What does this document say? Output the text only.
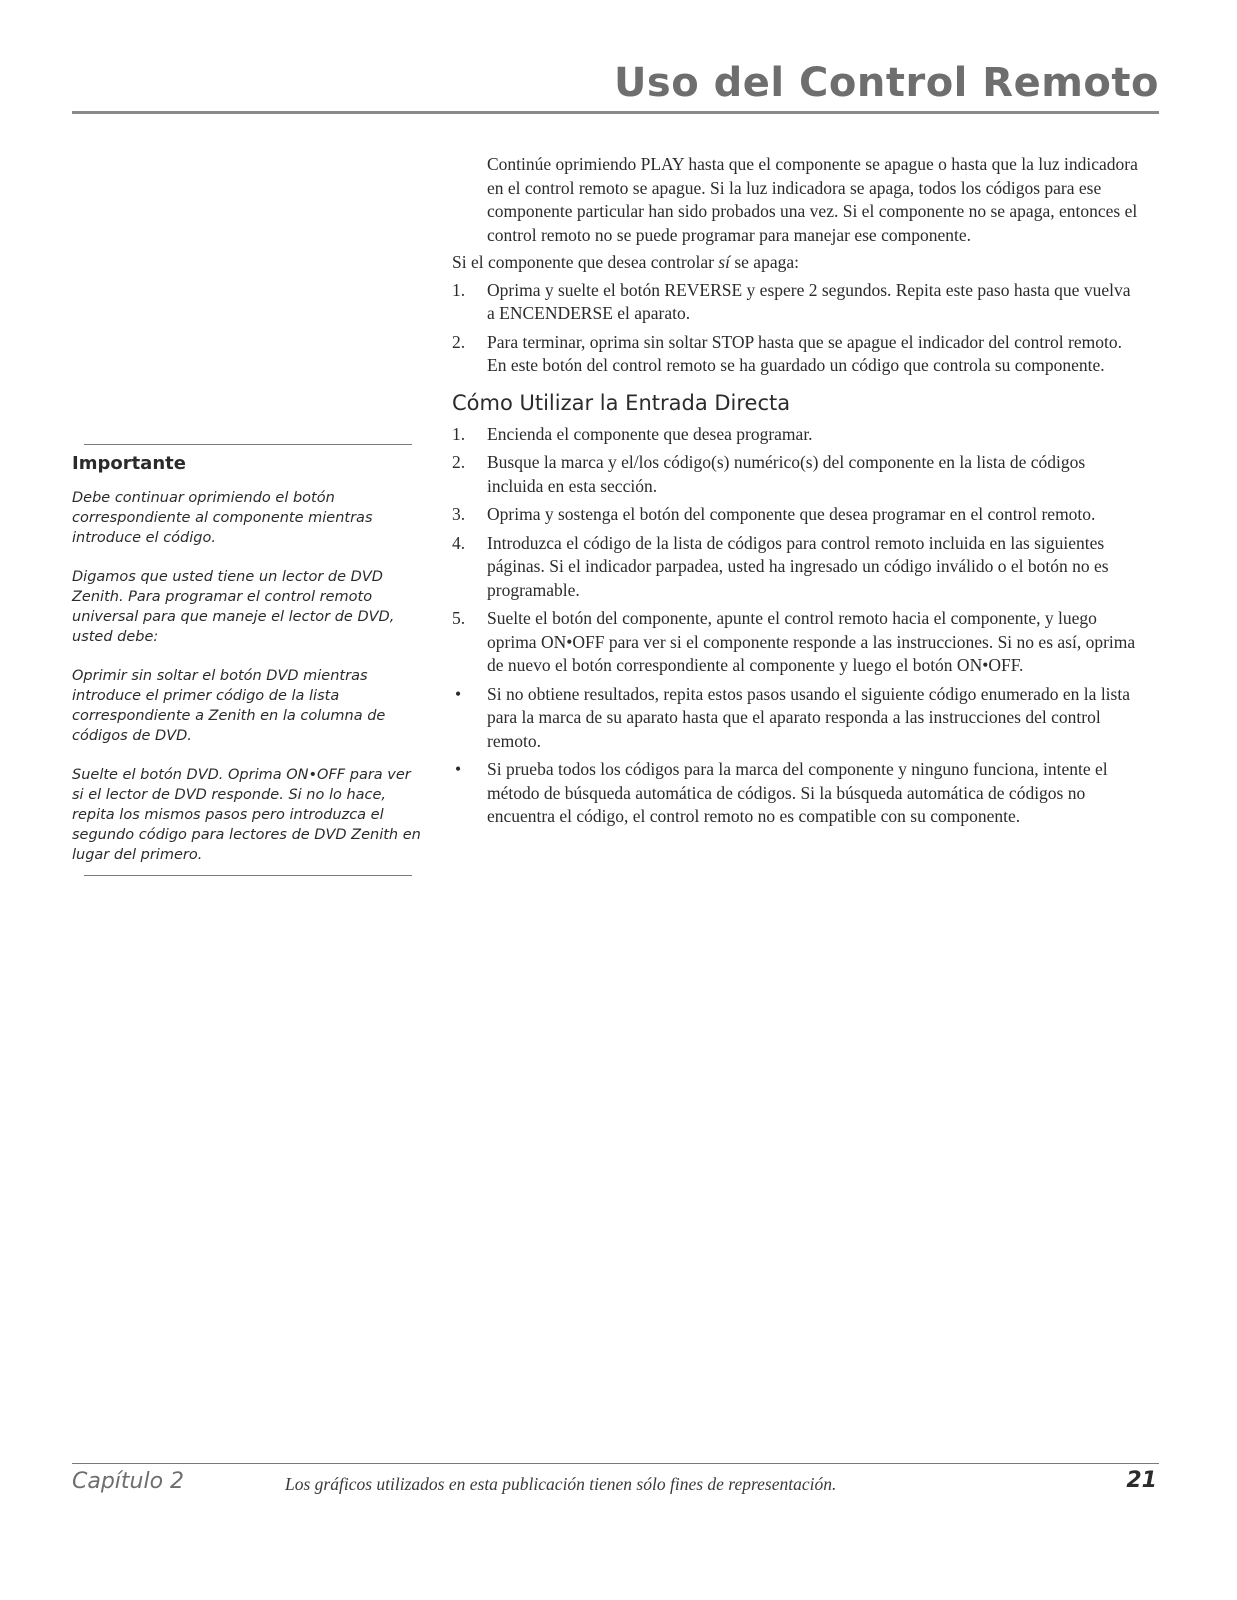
Uso del Control Remoto
Importante

Debe continuar oprimiendo el botón correspondiente al componente mientras introduce el código.

Digamos que usted tiene un lector de DVD Zenith. Para programar el control remoto universal para que maneje el lector de DVD, usted debe:

Oprimir sin soltar el botón DVD mientras introduce el primer código de la lista correspondiente a Zenith en la columna de códigos de DVD.

Suelte el botón DVD. Oprima ON•OFF para ver si el lector de DVD responde. Si no lo hace, repita los mismos pasos pero introduzca el segundo código para lectores de DVD Zenith en lugar del primero.

Continúe oprimiendo PLAY hasta que el componente se apague o hasta que la luz indicadora en el control remoto se apague. Si la luz indicadora se apaga, todos los códigos para ese componente particular han sido probados una vez. Si el componente no se apaga, entonces el control remoto no se puede programar para manejar ese componente.

Si el componente que desea controlar sí se apaga:

1. Oprima y suelte el botón REVERSE y espere 2 segundos. Repita este paso hasta que vuelva a ENCENDERSE el aparato.
2. Para terminar, oprima sin soltar STOP hasta que se apague el indicador del control remoto. En este botón del control remoto se ha guardado un código que controla su componente.
Cómo Utilizar la Entrada Directa
1. Encienda el componente que desea programar.
2. Busque la marca y el/los código(s) numérico(s) del componente en la lista de códigos incluida en esta sección.
3. Oprima y sostenga el botón del componente que desea programar en el control remoto.
4. Introduzca el código de la lista de códigos para control remoto incluida en las siguientes páginas. Si el indicador parpadea, usted ha ingresado un código inválido o el botón no es programable.
5. Suelte el botón del componente, apunte el control remoto hacia el componente, y luego oprima ON•OFF para ver si el componente responde a las instrucciones. Si no es así, oprima de nuevo el botón correspondiente al componente y luego el botón ON•OFF.
• Si no obtiene resultados, repita estos pasos usando el siguiente código enumerado en la lista para la marca de su aparato hasta que el aparato responda a las instrucciones del control remoto.
• Si prueba todos los códigos para la marca del componente y ninguno funciona, intente el método de búsqueda automática de códigos. Si la búsqueda automática de códigos no encuentra el código, el control remoto no es compatible con su componente.
Capítulo 2	Los gráficos utilizados en esta publicación tienen sólo fines de representación.	21
